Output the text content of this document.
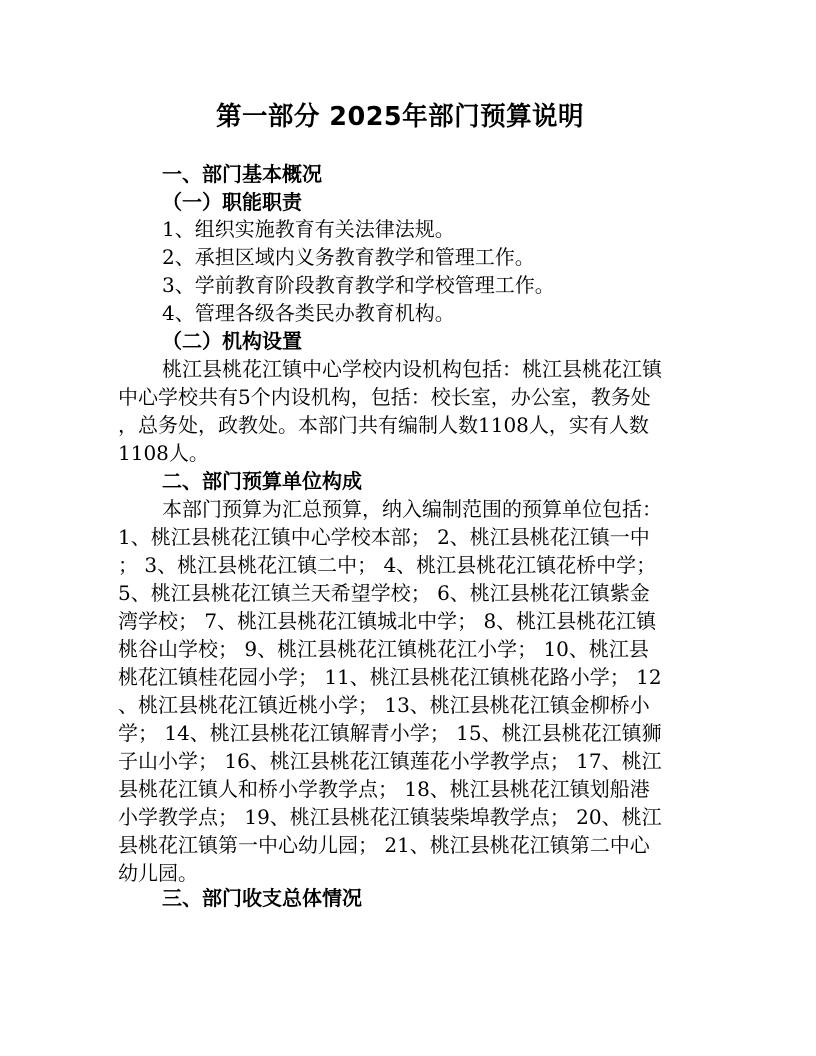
第一部分 2025年部门预算说明
一、部门基本概况
（一）职能职责
1、组织实施教育有关法律法规。
2、承担区域内义务教育教学和管理工作。
3、学前教育阶段教育教学和学校管理工作。
4、管理各级各类民办教育机构。
（二）机构设置
桃江县桃花江镇中心学校内设机构包括：桃江县桃花江镇
中心学校共有5个内设机构，包括：校长室，办公室，教务处
，总务处，政教处。本部门共有编制人数1108人，实有人数
1108人。
二、部门预算单位构成
本部门预算为汇总预算，纳入编制范围的预算单位包括：
1、桃江县桃花江镇中心学校本部； 2、桃江县桃花江镇一中
； 3、桃江县桃花江镇二中； 4、桃江县桃花江镇花桥中学；
5、桃江县桃花江镇兰天希望学校； 6、桃江县桃花江镇紫金
湾学校； 7、桃江县桃花江镇城北中学； 8、桃江县桃花江镇
桃谷山学校； 9、桃江县桃花江镇桃花江小学； 10、桃江县
桃花江镇桂花园小学； 11、桃江县桃花江镇桃花路小学； 12
、桃江县桃花江镇近桃小学； 13、桃江县桃花江镇金柳桥小
学； 14、桃江县桃花江镇解青小学； 15、桃江县桃花江镇狮
子山小学； 16、桃江县桃花江镇莲花小学教学点； 17、桃江
县桃花江镇人和桥小学教学点； 18、桃江县桃花江镇划船港
小学教学点； 19、桃江县桃花江镇装柴埠教学点； 20、桃江
县桃花江镇第一中心幼儿园； 21、桃江县桃花江镇第二中心
幼儿园。
三、部门收支总体情况
